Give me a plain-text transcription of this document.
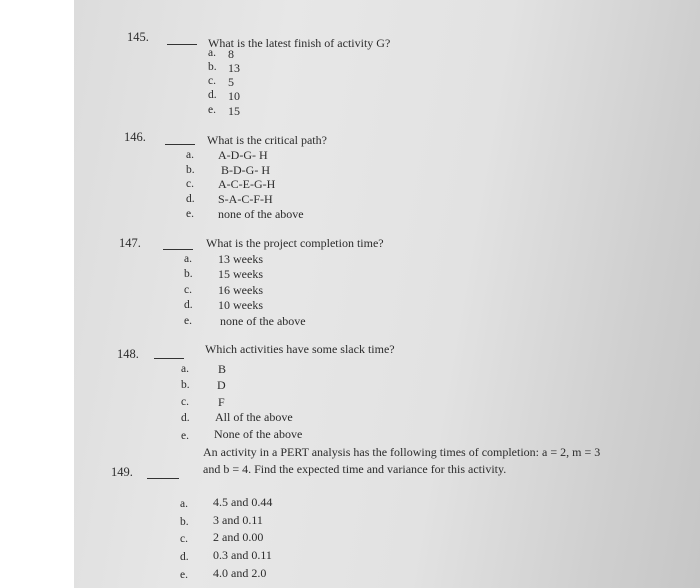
145.	What is the latest finish of activity G?
a. 8
b. 13
c. 5
d. 10
e. 15
146.	What is the critical path?
a. A-D-G- H
b. B-D-G- H
c. A-C-E-G-H
d. S-A-C-F-H
e. none of the above
147.	What is the project completion time?
a. 13 weeks
b. 15 weeks
c. 16 weeks
d. 10 weeks
e. none of the above
148.	Which activities have some slack time?
a. B
b. D
c. F
d. All of the above
e. None of the above
149.
An activity in a PERT analysis has the following times of completion: a = 2, m = 3
and b = 4. Find the expected time and variance for this activity.
a. 4.5 and 0.44
b. 3 and 0.11
c. 2 and 0.00
d. 0.3 and 0.11
e. 4.0 and 2.0
